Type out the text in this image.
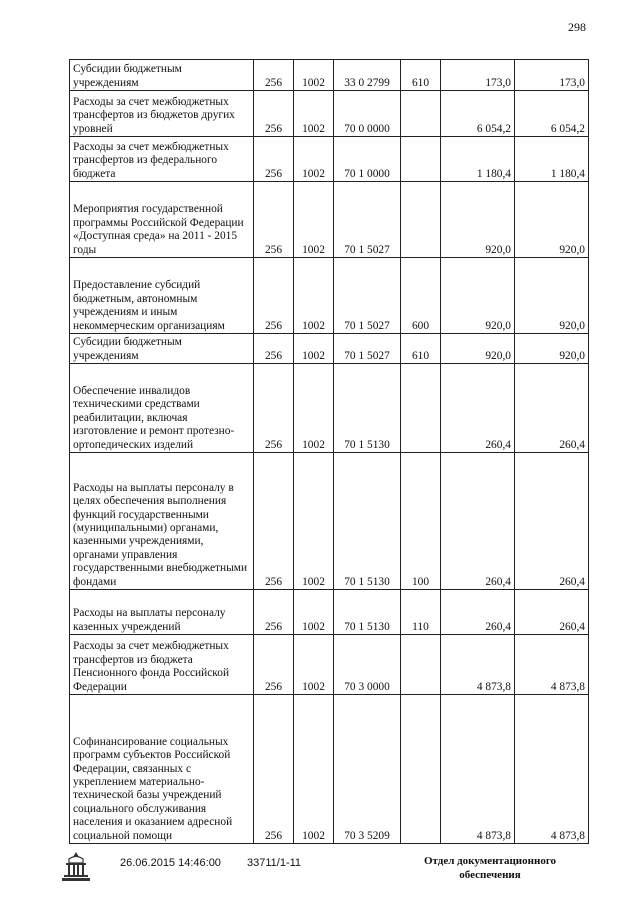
298
Субсидии бюджетным учреждениям	256	1002	33 0 2799	610	173,0	173,0
Расходы за счет межбюджетных трансфертов из бюджетов других уровней	256	1002	70 0 0000		6 054,2	6 054,2
Расходы за счет межбюджетных трансфертов из федерального бюджета	256	1002	70 1 0000		1 180,4	1 180,4
Мероприятия государственной программы Российской Федерации «Доступная среда» на 2011 - 2015 годы	256	1002	70 1 5027		920,0	920,0
Предоставление субсидий бюджетным, автономным учреждениям и иным некоммерческим организациям	256	1002	70 1 5027	600	920,0	920,0
Субсидии бюджетным учреждениям	256	1002	70 1 5027	610	920,0	920,0
Обеспечение инвалидов техническими средствами реабилитации, включая изготовление и ремонт протезно-ортопедических изделий	256	1002	70 1 5130		260,4	260,4
Расходы на выплаты персоналу в целях обеспечения выполнения функций государственными (муниципальными) органами, казенными учреждениями, органами управления государственными внебюджетными фондами	256	1002	70 1 5130	100	260,4	260,4
Расходы на выплаты персоналу казенных учреждений	256	1002	70 1 5130	110	260,4	260,4
Расходы за счет межбюджетных трансфертов из бюджета Пенсионного фонда Российской Федерации	256	1002	70 3 0000		4 873,8	4 873,8
Софинансирование социальных программ субъектов Российской Федерации, связанных с укреплением материально-технической базы учреждений социального обслуживания населения и оказанием адресной социальной помощи	256	1002	70 3 5209		4 873,8	4 873,8
26.06.2015 14:46:00 33711/1-11	Отдел документационного
обеспечения
